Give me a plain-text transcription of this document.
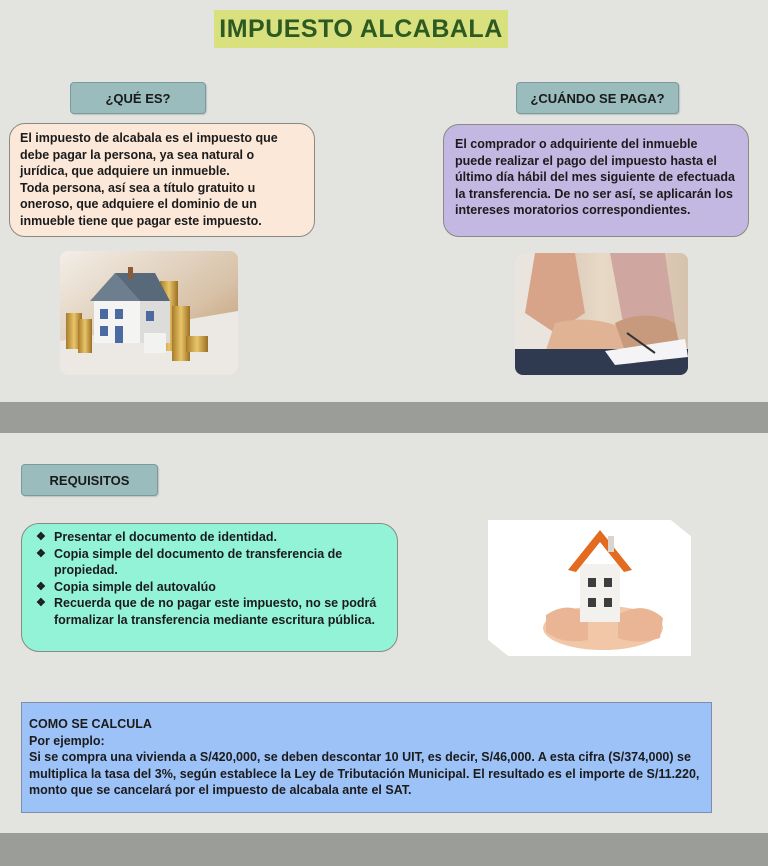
IMPUESTO ALCABALA
¿QUÉ ES?
El impuesto de alcabala es el impuesto que debe pagar la persona, ya sea natural o jurídica, que adquiere un inmueble.
Toda persona, así sea a título gratuito u oneroso, que adquiere el dominio de un inmueble tiene que pagar este impuesto.
¿CUÁNDO SE PAGA?
El comprador o adquiriente del inmueble puede realizar el pago del impuesto hasta el último día hábil del mes siguiente de efectuada la transferencia. De no ser así, se aplicarán los intereses moratorios correspondientes.
REQUISITOS
❖ Presentar el documento de identidad.
❖ Copia simple del documento de transferencia de propiedad.
❖ Copia simple del autovalúo
❖ Recuerda que de no pagar este impuesto, no se podrá formalizar la transferencia mediante escritura pública.
COMO SE CALCULA
Por ejemplo:
Si se compra una vivienda a S/420,000, se deben descontar 10 UIT, es decir, S/46,000. A esta cifra (S/374,000) se multiplica la tasa del 3%, según establece la Ley de Tributación Municipal. El resultado es el importe de S/11.220, monto que se cancelará por el impuesto de alcabala ante el SAT.
